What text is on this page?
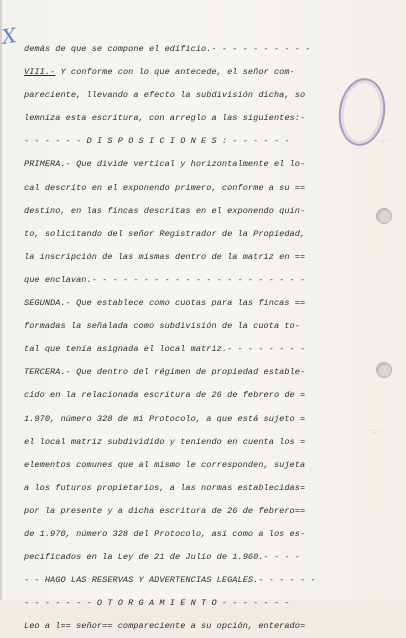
X
· : ·
· : ·
demás de que se compone el edificio.- - - - - - - - - -
VIII.- Y conforme con lo que antecede, el señor com-
pareciente, llevando a efecto la subdivisión dicha, so
lemniza esta escritura, con arreglo a las siguientes:-
- - - - - - D I S P O S I C I O N E S : - - - - - -
PRIMERA.- Que divide vertical y horizontalmente el lo-
cal descrito en el exponendo primero, conforme a su ==
destino, en las fincas descritas en el exponendo quin-
to, solicitando del señor Registrador de la Propiedad,
la inscripción de las mismas dentro de la matriz en ==
que enclavan.- - - - - - - - - - - - - - - - - - - - -
SEGUNDA.- Que establece como cuotas para las fincas ==
formadas la señalada como subdivisión de la cuota to-
tal que tenía asignada el local matriz.- - - - - - - -
TERCERA.- Que dentro del régimen de propiedad estable-
cido en la relacionada escritura de 26 de febrero de =
1.970, número 328 de mi Protocolo, a que está sujeto =
el local matriz subdividido y teniendo en cuenta los =
elementos comunes que al mismo le corresponden, sujeta
a los futuros propietarios, a las normas establecidas=
por la presente y a dicha escritura de 26 de febrero==
de 1.970, número 328 del Protocolo, así como a los es-
pecificados en la Ley de 21 de Julio de 1.960.- - - -
- - HAGO LAS RESERVAS Y ADVERTENCIAS LEGALES.- - - - - -
- - - - - - - O T O R G A M I E N T O - - - - - - -
Leo a l== señor== compareciente a su opción, enterado=
